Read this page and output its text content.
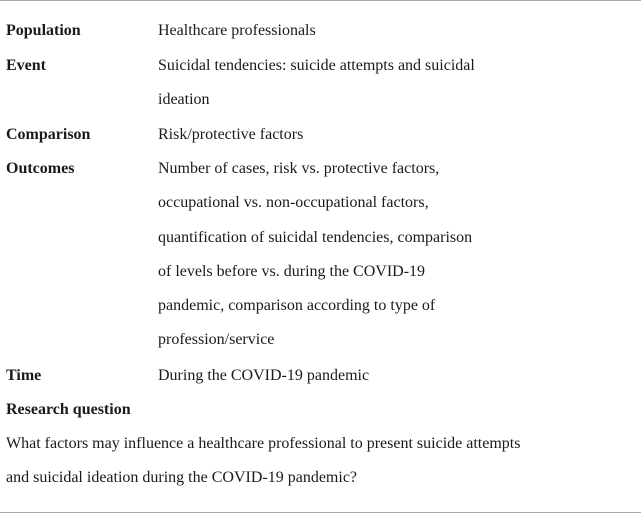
Population	Healthcare professionals
Event	Suicidal tendencies: suicide attempts and suicidal
ideation
Comparison	Risk/protective factors
Outcomes	Number of cases, risk vs. protective factors,
occupational vs. non-occupational factors,
quantification of suicidal tendencies, comparison
of levels before vs. during the COVID-19
pandemic, comparison according to type of
profession/service
Time	During the COVID-19 pandemic
Research question
What factors may influence a healthcare professional to present suicide attempts
and suicidal ideation during the COVID-19 pandemic?
